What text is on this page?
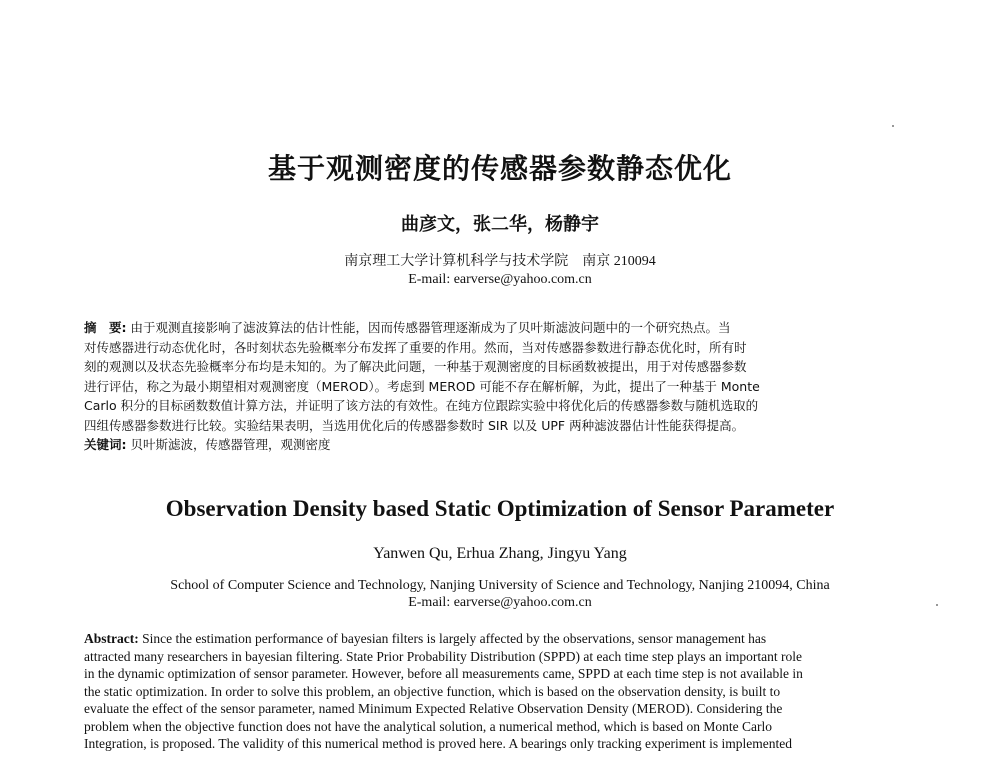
基于观测密度的传感器参数静态优化
曲彦文，张二华，杨静宇
南京理工大学计算机科学与技术学院　南京 210094
E-mail: earverse@yahoo.com.cn
摘　要: 由于观测直接影响了滤波算法的估计性能，因而传感器管理逐渐成为了贝叶斯滤波问题中的一个研究热点。当
对传感器进行动态优化时，各时刻状态先验概率分布发挥了重要的作用。然而，当对传感器参数进行静态优化时，所有时
刻的观测以及状态先验概率分布均是未知的。为了解决此问题，一种基于观测密度的目标函数被提出，用于对传感器参数
进行评估，称之为最小期望相对观测密度（MEROD）。考虑到 MEROD 可能不存在解析解，为此，提出了一种基于 Monte
Carlo 积分的目标函数数值计算方法，并证明了该方法的有效性。在纯方位跟踪实验中将优化后的传感器参数与随机选取的
四组传感器参数进行比较。实验结果表明，当选用优化后的传感器参数时 SIR 以及 UPF 两种滤波器估计性能获得提高。
关键词: 贝叶斯滤波，传感器管理，观测密度
Observation Density based Static Optimization of Sensor Parameter
Yanwen Qu, Erhua Zhang, Jingyu Yang
School of Computer Science and Technology, Nanjing University of Science and Technology, Nanjing 210094, China
E-mail: earverse@yahoo.com.cn
Abstract: Since the estimation performance of bayesian filters is largely affected by the observations, sensor management has
attracted many researchers in bayesian filtering. State Prior Probability Distribution (SPPD) at each time step plays an important role
in the dynamic optimization of sensor parameter. However, before all measurements came, SPPD at each time step is not available in
the static optimization. In order to solve this problem, an objective function, which is based on the observation density, is built to
evaluate the effect of the sensor parameter, named Minimum Expected Relative Observation Density (MEROD). Considering the
problem when the objective function does not have the analytical solution, a numerical method, which is based on Monte Carlo
Integration, is proposed. The validity of this numerical method is proved here. A bearings only tracking experiment is implemented
